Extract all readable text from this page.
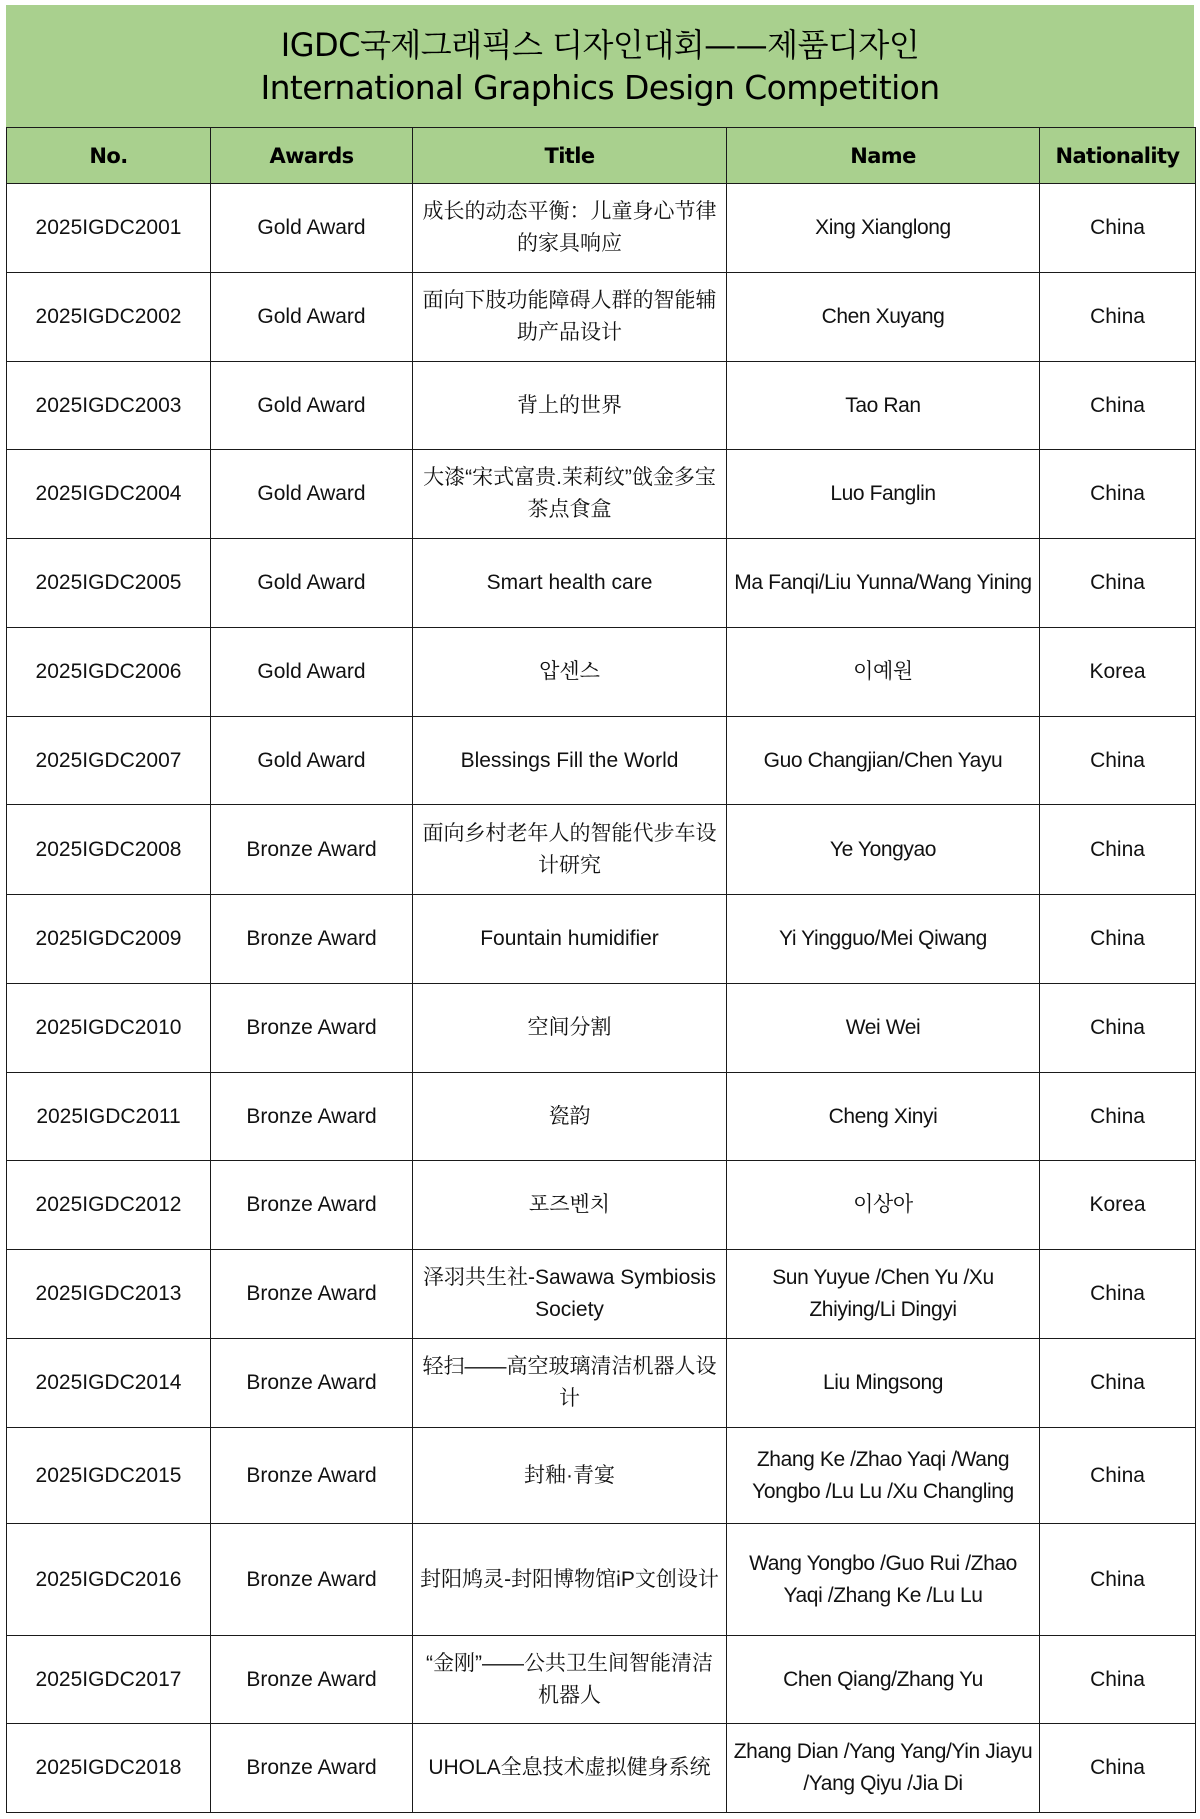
IGDC국제그래픽스 디자인대회——제품디자인
International Graphics Design Competition
No.	Awards	Title	Name	Nationality
2025IGDC2001	Gold Award	成长的动态平衡：儿童身心节律的家具响应	Xing Xianglong	China
2025IGDC2002	Gold Award	面向下肢功能障碍人群的智能辅助产品设计	Chen Xuyang	China
2025IGDC2003	Gold Award	背上的世界	Tao Ran	China
2025IGDC2004	Gold Award	大漆“宋式富贵.茉莉纹”戗金多宝茶点食盒	Luo Fanglin	China
2025IGDC2005	Gold Award	Smart health care	Ma Fanqi/Liu Yunna/Wang Yining	China
2025IGDC2006	Gold Award	압센스	이예원	Korea
2025IGDC2007	Gold Award	Blessings Fill the World	Guo Changjian/Chen Yayu	China
2025IGDC2008	Bronze Award	面向乡村老年人的智能代步车设计研究	Ye Yongyao	China
2025IGDC2009	Bronze Award	Fountain humidifier	Yi Yingguo/Mei Qiwang	China
2025IGDC2010	Bronze Award	空间分割	Wei Wei	China
2025IGDC2011	Bronze Award	瓷韵	Cheng Xinyi	China
2025IGDC2012	Bronze Award	포즈벤치	이상아	Korea
2025IGDC2013	Bronze Award	泽羽共生社-Sawawa Symbiosis Society	Sun Yuyue /Chen Yu /Xu Zhiying/Li Dingyi	China
2025IGDC2014	Bronze Award	轻扫——高空玻璃清洁机器人设计	Liu Mingsong	China
2025IGDC2015	Bronze Award	封釉·青宴	Zhang Ke /Zhao Yaqi /Wang Yongbo /Lu Lu /Xu Changling	China
2025IGDC2016	Bronze Award	封阳鸠灵-封阳博物馆iP文创设计	Wang Yongbo /Guo Rui /Zhao Yaqi /Zhang Ke /Lu Lu	China
2025IGDC2017	Bronze Award	“金刚”——公共卫生间智能清洁机器人	Chen Qiang/Zhang Yu	China
2025IGDC2018	Bronze Award	UHOLA全息技术虚拟健身系统	Zhang Dian /Yang Yang/Yin Jiayu /Yang Qiyu /Jia Di	China
